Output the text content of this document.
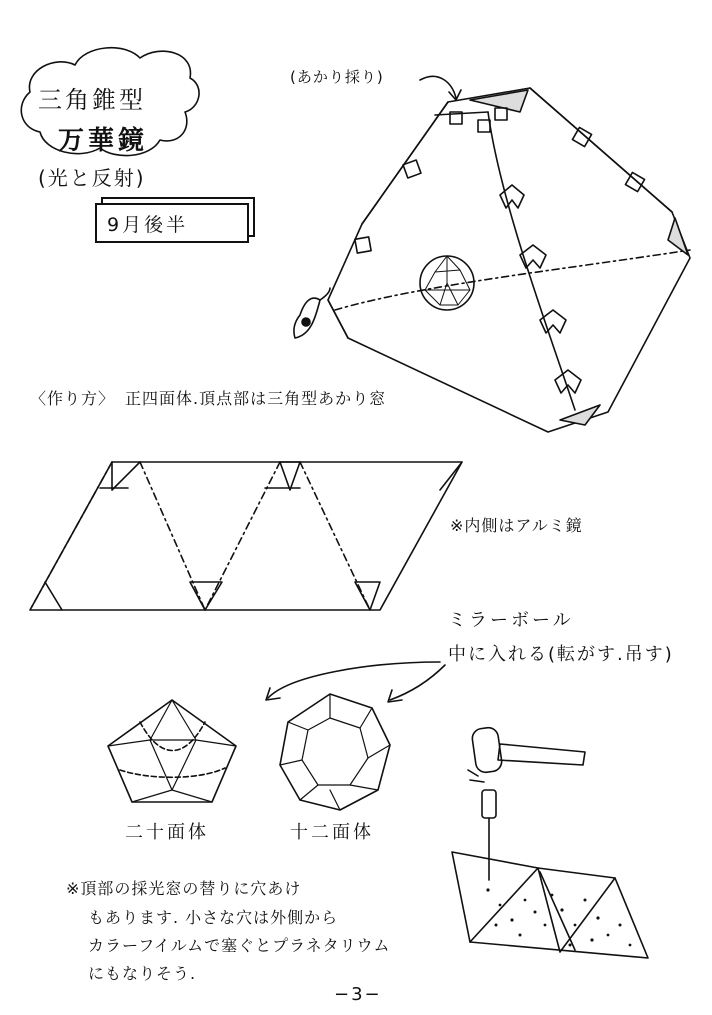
三角錐型
万華鏡
(光と反射)
9月後半
(あかり採り)
〈作り方〉 正四面体.頂点部は三角型あかり窓
※内側はアルミ鏡
ミラーボール
中に入れる(転がす.吊す)
二十面体	十二面体
※頂部の採光窓の替りに穴あけ
もあります. 小さな穴は外側から
カラーフイルムで塞ぐとプラネタリウム
にもなりそう.
−3−
